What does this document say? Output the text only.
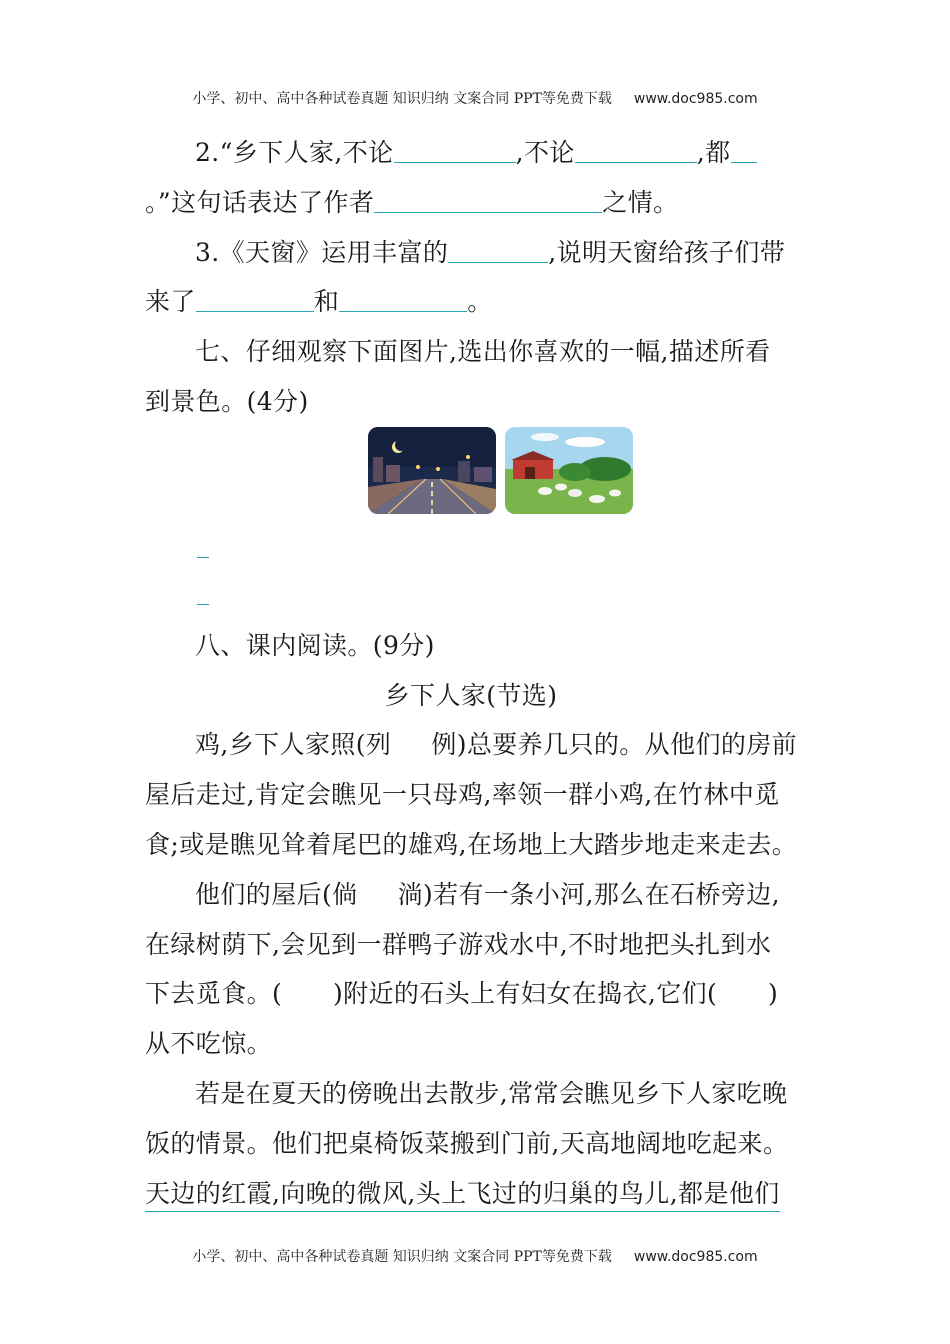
小学、初中、高中各种试卷真题 知识归纳 文案合同 PPT等免费下载 www.doc985.com
2.“乡下人家,不论	,不论	,都
。”这句话表达了作者	之情。
3.《天窗》运用丰富的	,说明天窗给孩子们带
来了	和	。
七、仔细观察下面图片,选出你喜欢的一幅,描述所看
到景色。(4分)
八、课内阅读。(9分)
乡下人家(节选)
鸡,乡下人家照(列 例)总要养几只的。从他们的房前
屋后走过,肯定会瞧见一只母鸡,率领一群小鸡,在竹林中觅
食;或是瞧见耸着尾巴的雄鸡,在场地上大踏步地走来走去。
他们的屋后(倘 淌)若有一条小河,那么在石桥旁边,
在绿树荫下,会见到一群鸭子游戏水中,不时地把头扎到水
下去觅食。(　　)附近的石头上有妇女在捣衣,它们(　　)
从不吃惊。
若是在夏天的傍晚出去散步,常常会瞧见乡下人家吃晚
饭的情景。他们把桌椅饭菜搬到门前,天高地阔地吃起来。
天边的红霞,向晚的微风,头上飞过的归巢的鸟儿,都是他们
小学、初中、高中各种试卷真题 知识归纳 文案合同 PPT等免费下载 www.doc985.com
